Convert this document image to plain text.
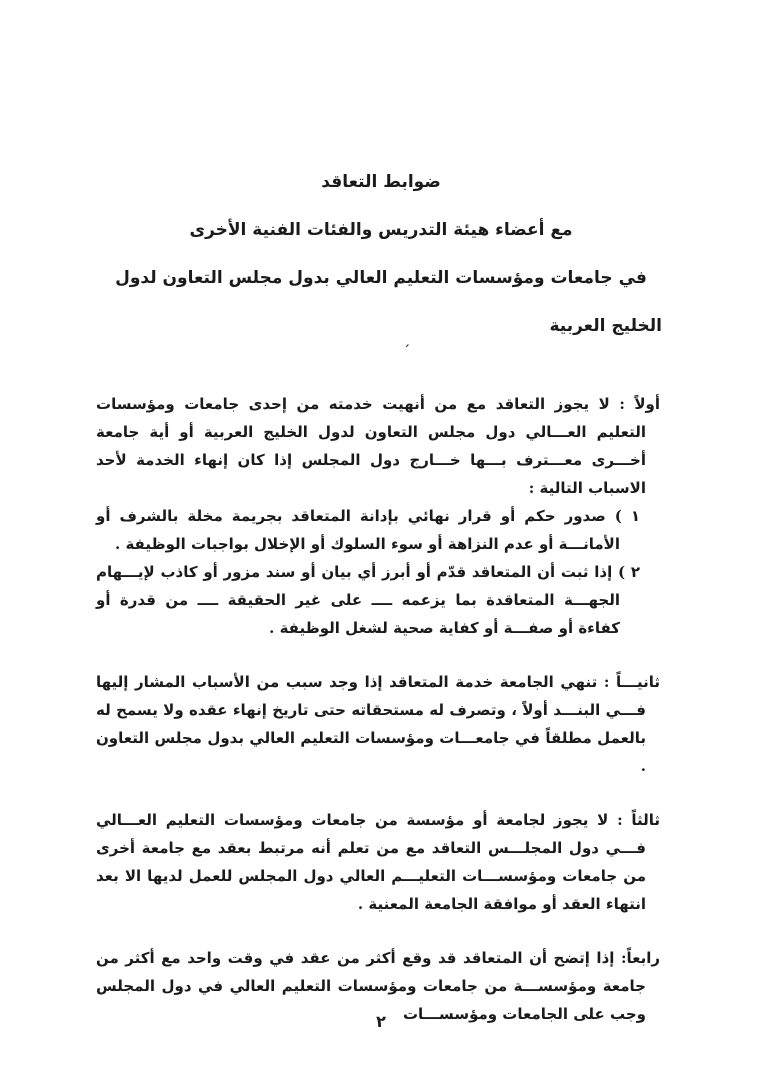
ضوابط التعاقد
مع أعضاء هيئة التدريس والفئات الفنية الأخرى
في جامعات ومؤسسات التعليم العالي بدول مجلس التعاون لدول
الخليج العربية
´

أولاً : لا يجوز التعاقد مع من أنهيت خدمته من إحدى جامعات ومؤسسات التعليم العـــالي دول مجلس التعاون لدول الخليج العربية أو أية جامعة أخـــرى معـــترف بـــها خـــارج دول المجلس إذا كان إنهاء الخدمة لأحد الاسباب التالية :

١ ) صدور حكم أو قرار نهائي بإدانة المتعاقد بجريمة مخلة بالشرف أو الأمانـــة أو عدم النزاهة أو سوء السلوك أو الإخلال بواجبات الوظيفة .

٢ ) إذا ثبت أن المتعاقد قدّم أو أبرز أي بيان أو سند مزور أو كاذب لإيـــهام الجهـــة المتعاقدة بما يزعمه ــــ على غير الحقيقة ــــ من قدرة أو كفاءة أو صفـــة أو كفاية صحية لشغل الوظيفة .

ثانيـــاً : تنهي الجامعة خدمة المتعاقد إذا وجد سبب من الأسباب المشار إليها فـــي البنـــد أولاً ، وتصرف له مستحقاته حتى تاريخ إنهاء عقده ولا يسمح له بالعمل مطلقاً في جامعـــات ومؤسسات التعليم العالي بدول مجلس التعاون .

ثالثاً : لا يجوز لجامعة أو مؤسسة من جامعات ومؤسسات التعليم العـــالي فـــي دول المجلـــس التعاقد مع من تعلم أنه مرتبط بعقد مع جامعة أخرى من جامعات ومؤسســـات التعليـــم العالي دول المجلس للعمل لديها الا بعد انتهاء العقد أو موافقة الجامعة المعنية .

رابعاً: إذا إتضح أن المتعاقد قد وقع أكثر من عقد في وقت واحد مع أكثر من جامعة ومؤسســـة من جامعات ومؤسسات التعليم العالي في دول المجلس وجب على الجامعات ومؤسســـات

٢
